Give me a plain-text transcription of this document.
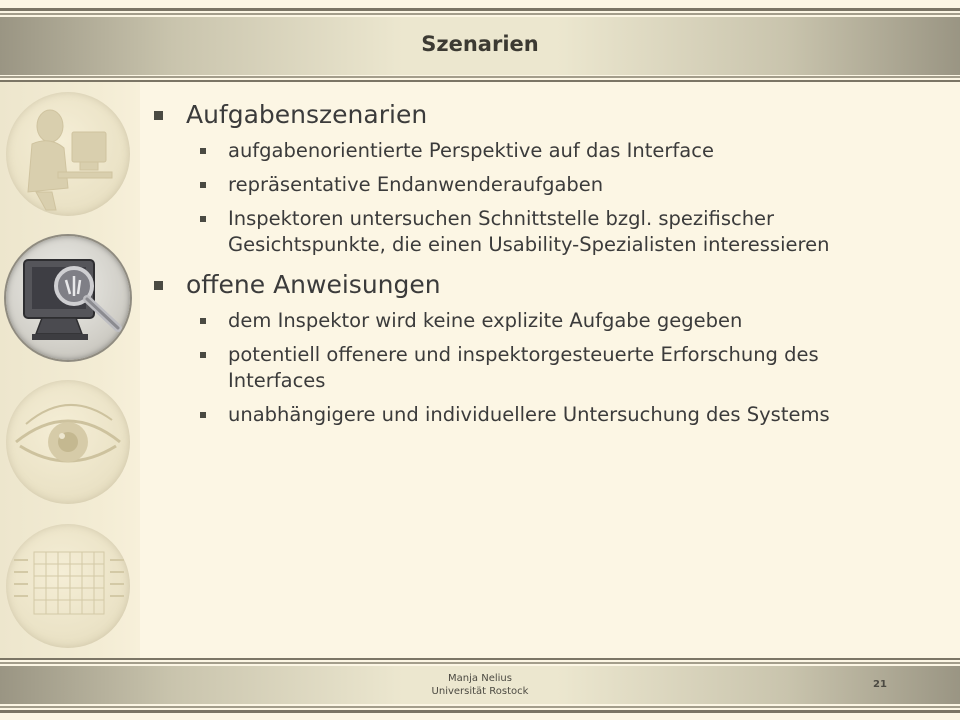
Szenarien
Aufgabenszenarien
aufgabenorientierte Perspektive auf das Interface
repräsentative Endanwenderaufgaben
Inspektoren untersuchen Schnittstelle bzgl. spezifischer Gesichtspunkte, die einen Usability-Spezialisten interessieren
offene Anweisungen
dem Inspektor wird keine explizite Aufgabe gegeben
potentiell offenere und inspektorgesteuerte Erforschung des Interfaces
unabhängigere und individuellere Untersuchung des Systems
Manja Nelius
Universität Rostock
21
